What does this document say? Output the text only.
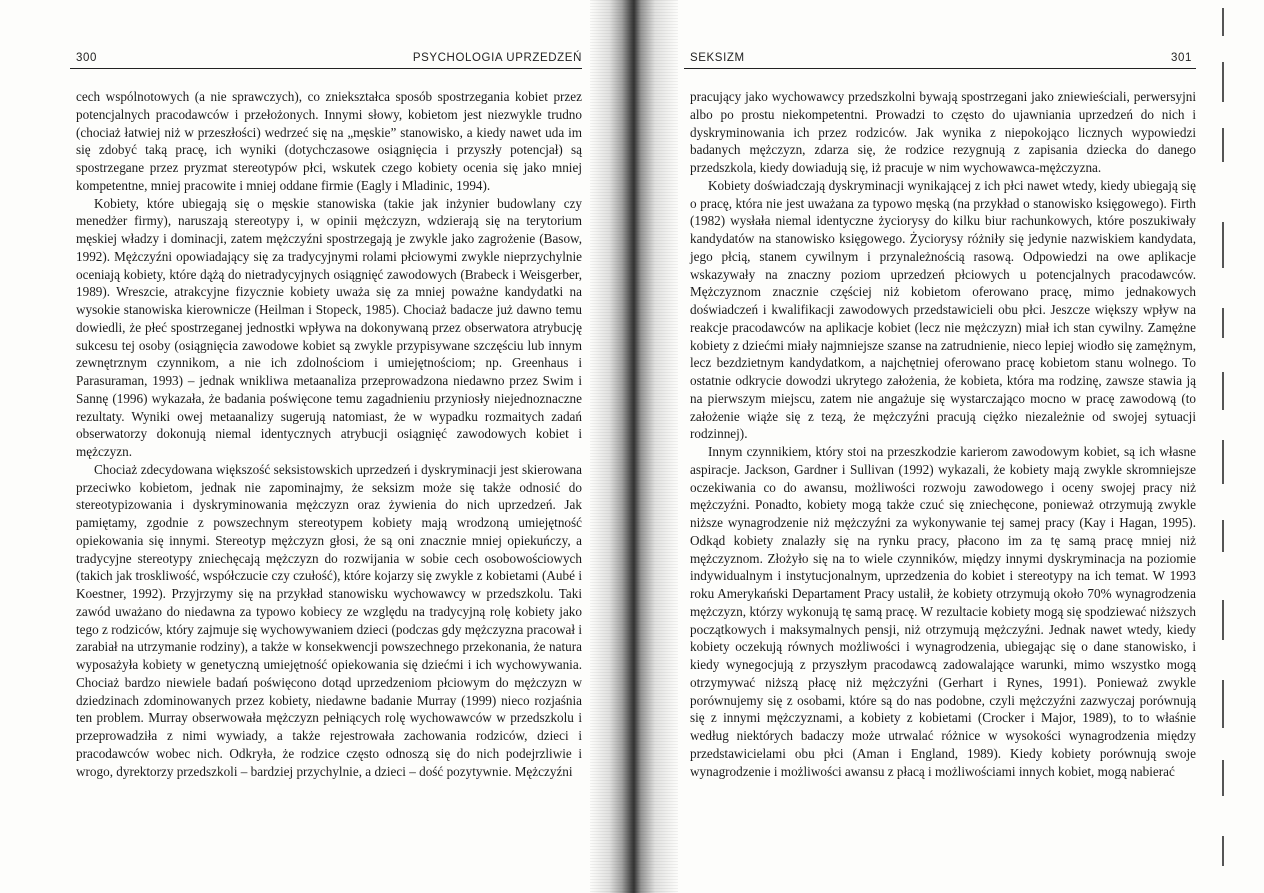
300	PSYCHOLOGIA UPRZEDZEŃ

cech wspólnotowych (a nie sprawczych), co zniekształca sposób spostrzegania kobiet przez potencjalnych pracodawców i przełożonych. Innymi słowy, kobietom jest niezwykle trudno (chociaż łatwiej niż w przeszłości) wedrzeć się na „męskie” stanowisko, a kiedy nawet uda im się zdobyć taką pracę, ich wyniki (dotychczasowe osiągnięcia i przyszły potencjał) są spostrzegane przez pryzmat stereotypów płci, wskutek czego kobiety ocenia się jako mniej kompetentne, mniej pracowite i mniej oddane firmie (Eagly i Mladinic, 1994).

Kobiety, które ubiegają się o męskie stanowiska (takie jak inżynier budowlany czy menedżer firmy), naruszają stereotypy i, w opinii mężczyzn, wdzierają się na terytorium męskiej władzy i dominacji, zatem mężczyźni spostrzegają je zwykle jako zagrożenie (Basow, 1992). Mężczyźni opowiadający się za tradycyjnymi rolami płciowymi zwykle nieprzychylnie oceniają kobiety, które dążą do nietradycyjnych osiągnięć zawodowych (Brabeck i Weisgerber, 1989). Wreszcie, atrakcyjne fizycznie kobiety uważa się za mniej poważne kandydatki na wysokie stanowiska kierownicze (Heilman i Stopeck, 1985). Chociaż badacze już dawno temu dowiedli, że płeć spostrzeganej jednostki wpływa na dokonywaną przez obserwatora atrybucję sukcesu tej osoby (osiągnięcia zawodowe kobiet są zwykle przypisywane szczęściu lub innym zewnętrznym czynnikom, a nie ich zdolnościom i umiejętnościom; np. Greenhaus i Parasuraman, 1993) – jednak wnikliwa metaanaliza przeprowadzona niedawno przez Swim i Sannę (1996) wykazała, że badania poświęcone temu zagadnieniu przyniosły niejednoznaczne rezultaty. Wyniki owej metaanalizy sugerują natomiast, że w wypadku rozmaitych zadań obserwatorzy dokonują niemal identycznych atrybucji osiągnięć zawodowych kobiet i mężczyzn.

Chociaż zdecydowana większość seksistowskich uprzedzeń i dyskryminacji jest skierowana przeciwko kobietom, jednak nie zapominajmy, że seksizm może się także odnosić do stereotypizowania i dyskryminowania mężczyzn oraz żywienia do nich uprzedzeń. Jak pamiętamy, zgodnie z powszechnym stereotypem kobiety mają wrodzoną umiejętność opiekowania się innymi. Stereotyp mężczyzn głosi, że są oni znacznie mniej opiekuńczy, a tradycyjne stereotypy zniechęcają mężczyzn do rozwijania w sobie cech osobowościowych (takich jak troskliwość, współczucie czy czułość), które kojarzy się zwykle z kobietami (Aubé i Koestner, 1992). Przyjrzymy się na przykład stanowisku wychowawcy w przedszkolu. Taki zawód uważano do niedawna za typowo kobiecy ze względu na tradycyjną rolę kobiety jako tego z rodziców, który zajmuje się wychowywaniem dzieci (podczas gdy mężczyzna pracował i zarabiał na utrzymanie rodziny), a także w konsekwencji powszechnego przekonania, że natura wyposażyła kobiety w genetyczną umiejętność opiekowania się dziećmi i ich wychowywania. Chociaż bardzo niewiele badań poświęcono dotąd uprzedzeniom płciowym do mężczyzn w dziedzinach zdominowanych przez kobiety, niedawne badanie Murray (1999) nieco rozjaśnia ten problem. Murray obserwowała mężczyzn pełniących rolę wychowawców w przedszkolu i przeprowadziła z nimi wywiady, a także rejestrowała zachowania rodziców, dzieci i pracodawców wobec nich. Odkryła, że rodzice często odnoszą się do nich podejrzliwie i wrogo, dyrektorzy przedszkoli – bardziej przychylnie, a dzieci – dość pozytywnie. Mężczyźni

SEKSIZM	301

pracujący jako wychowawcy przedszkolni bywają spostrzegani jako zniewieściali, perwersyjni albo po prostu niekompetentni. Prowadzi to często do ujawniania uprzedzeń do nich i dyskryminowania ich przez rodziców. Jak wynika z niepokojąco licznych wypowiedzi badanych mężczyzn, zdarza się, że rodzice rezygnują z zapisania dziecka do danego przedszkola, kiedy dowiadują się, iż pracuje w nim wychowawca-mężczyzna.

Kobiety doświadczają dyskryminacji wynikającej z ich płci nawet wtedy, kiedy ubiegają się o pracę, która nie jest uważana za typowo męską (na przykład o stanowisko księgowego). Firth (1982) wysłała niemal identyczne życiorysy do kilku biur rachunkowych, które poszukiwały kandydatów na stanowisko księgowego. Życiorysy różniły się jedynie nazwiskiem kandydata, jego płcią, stanem cywilnym i przynależnością rasową. Odpowiedzi na owe aplikacje wskazywały na znaczny poziom uprzedzeń płciowych u potencjalnych pracodawców. Mężczyznom znacznie częściej niż kobietom oferowano pracę, mimo jednakowych doświadczeń i kwalifikacji zawodowych przedstawicieli obu płci. Jeszcze większy wpływ na reakcje pracodawców na aplikacje kobiet (lecz nie mężczyzn) miał ich stan cywilny. Zamężne kobiety z dziećmi miały najmniejsze szanse na zatrudnienie, nieco lepiej wiodło się zamężnym, lecz bezdzietnym kandydatkom, a najchętniej oferowano pracę kobietom stanu wolnego. To ostatnie odkrycie dowodzi ukrytego założenia, że kobieta, która ma rodzinę, zawsze stawia ją na pierwszym miejscu, zatem nie angażuje się wystarczająco mocno w pracę zawodową (to założenie wiąże się z tezą, że mężczyźni pracują ciężko niezależnie od swojej sytuacji rodzinnej).

Innym czynnikiem, który stoi na przeszkodzie karierom zawodowym kobiet, są ich własne aspiracje. Jackson, Gardner i Sullivan (1992) wykazali, że kobiety mają zwykle skromniejsze oczekiwania co do awansu, możliwości rozwoju zawodowego i oceny swojej pracy niż mężczyźni. Ponadto, kobiety mogą także czuć się zniechęcone, ponieważ otrzymują zwykle niższe wynagrodzenie niż mężczyźni za wykonywanie tej samej pracy (Kay i Hagan, 1995). Odkąd kobiety znalazły się na rynku pracy, płacono im za tę samą pracę mniej niż mężczyznom. Złożyło się na to wiele czynników, między innymi dyskryminacja na poziomie indywidualnym i instytucjonalnym, uprzedzenia do kobiet i stereotypy na ich temat. W 1993 roku Amerykański Departament Pracy ustalił, że kobiety otrzymują około 70% wynagrodzenia mężczyzn, którzy wykonują tę samą pracę. W rezultacie kobiety mogą się spodziewać niższych początkowych i maksymalnych pensji, niż otrzymują mężczyźni. Jednak nawet wtedy, kiedy kobiety oczekują równych możliwości i wynagrodzenia, ubiegając się o dane stanowisko, i kiedy wynegocjują z przyszłym pracodawcą zadowalające warunki, mimo wszystko mogą otrzymywać niższą płacę niż mężczyźni (Gerhart i Rynes, 1991). Ponieważ zwykle porównujemy się z osobami, które są do nas podobne, czyli mężczyźni zazwyczaj porównują się z innymi mężczyznami, a kobiety z kobietami (Crocker i Major, 1989), to to właśnie według niektórych badaczy może utrwalać różnice w wysokości wynagrodzenia między przedstawicielami obu płci (Aman i England, 1989). Kiedy kobiety porównują swoje wynagrodzenie i możliwości awansu z płacą i możliwościami innych kobiet, mogą nabierać
